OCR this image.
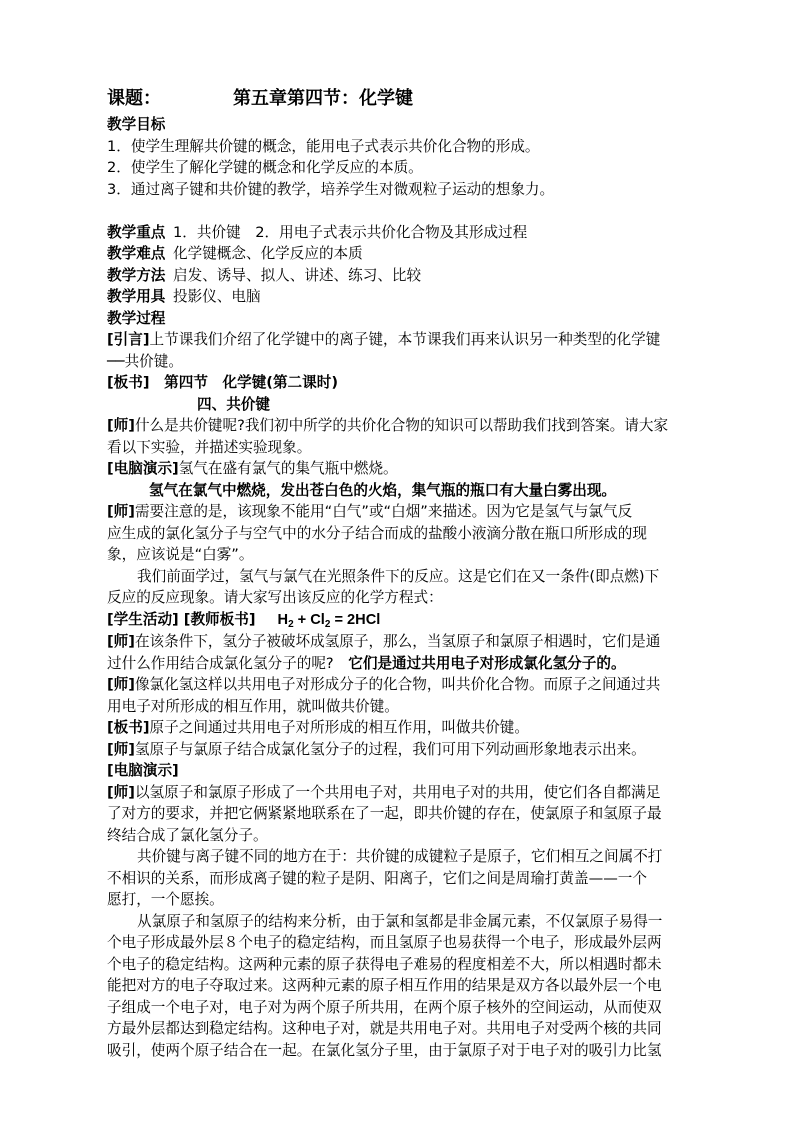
课题：	第五章第四节：化学键

教学目标

1．使学生理解共价键的概念，能用电子式表示共价化合物的形成。

2．使学生了解化学键的概念和化学反应的本质。

3．通过离子键和共价键的教学，培养学生对微观粒子运动的想象力。

教学重点 1．共价键　2．用电子式表示共价化合物及其形成过程

教学难点 化学键概念、化学反应的本质

教学方法 启发、诱导、拟人、讲述、练习、比较

教学用具 投影仪、电脑

教学过程

[引言]上节课我们介绍了化学键中的离子键，本节课我们再来认识另一种类型的化学键

──共价键。

[板书]　 第四节　化学键(第二课时)

四、共价键

[师]什么是共价键呢?我们初中所学的共价化合物的知识可以帮助我们找到答案。请大家

看以下实验，并描述实验现象。

[电脑演示]氢气在盛有氯气的集气瓶中燃烧。

氢气在氯气中燃烧，发出苍白色的火焰，集气瓶的瓶口有大量白雾出现。

[师]需要注意的是，该现象不能用“白气”或“白烟”来描述。因为它是氢气与氯气反

应生成的氯化氢分子与空气中的水分子结合而成的盐酸小液滴分散在瓶口所形成的现

象，应该说是“白雾”。

我们前面学过，氢气与氯气在光照条件下的反应。这是它们在又一条件(即点燃)下

反应的反应现象。请大家写出该反应的化学方程式：

[学生活动] [教师板书] $H_2 + Cl_2 = 2HCl$

[师]在该条件下，氢分子被破坏成氢原子，那么，当氢原子和氯原子相遇时，它们是通

过什么作用结合成氯化氢分子的呢?　它们是通过共用电子对形成氯化氢分子的。

[师]像氯化氢这样以共用电子对形成分子的化合物，叫共价化合物。而原子之间通过共

用电子对所形成的相互作用，就叫做共价键。

[板书]原子之间通过共用电子对所形成的相互作用，叫做共价键。

[师]氢原子与氯原子结合成氯化氢分子的过程，我们可用下列动画形象地表示出来。

[电脑演示]

[师]以氢原子和氯原子形成了一个共用电子对，共用电子对的共用，使它们各自都满足

了对方的要求，并把它俩紧紧地联系在了一起，即共价键的存在，使氯原子和氢原子最

终结合成了氯化氢分子。

共价键与离子键不同的地方在于：共价键的成键粒子是原子，它们相互之间属不打

不相识的关系，而形成离子键的粒子是阴、阳离子，它们之间是周瑜打黄盖——一个

愿打，一个愿挨。

从氯原子和氢原子的结构来分析，由于氯和氢都是非金属元素，不仅氯原子易得一

个电子形成最外层８个电子的稳定结构，而且氢原子也易获得一个电子，形成最外层两

个电子的稳定结构。这两种元素的原子获得电子难易的程度相差不大，所以相遇时都未

能把对方的电子夺取过来。这两种元素的原子相互作用的结果是双方各以最外层一个电

子组成一个电子对，电子对为两个原子所共用，在两个原子核外的空间运动，从而使双

方最外层都达到稳定结构。这种电子对，就是共用电子对。共用电子对受两个核的共同

吸引，使两个原子结合在一起。在氯化氢分子里，由于氯原子对于电子对的吸引力比氢
